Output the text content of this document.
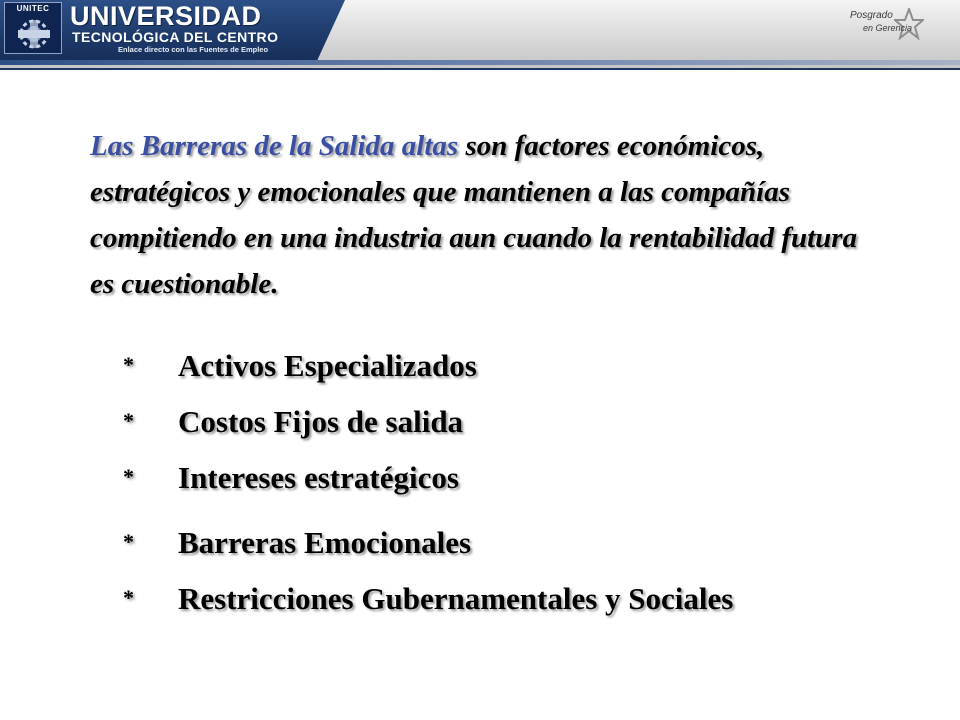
UNITEC UNIVERSIDAD
TECNOLÓGICA DEL CENTRO
Enlace directo con las Fuentes de Empleo
Posgrado
en Gerencia

Las Barreras de la Salida altas son factores económicos, estratégicos y emocionales que mantienen a las compañías compitiendo en una industria aun cuando la rentabilidad futura es cuestionable.

* Activos Especializados
* Costos Fijos de salida
* Intereses estratégicos
* Barreras Emocionales
* Restricciones Gubernamentales y Sociales
